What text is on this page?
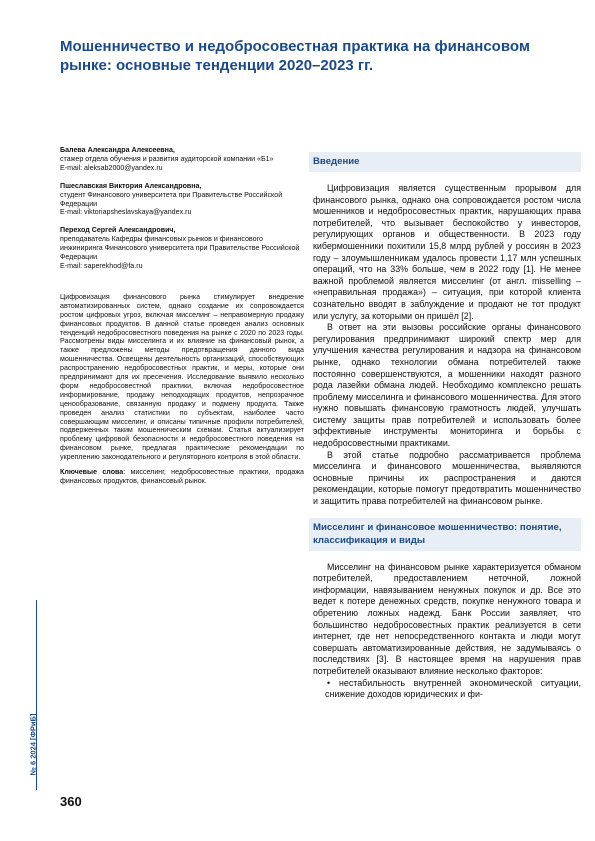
Мошенничество и недобросовестная практика на финансовом рынке: основные тенденции 2020–2023 гг.
Балева Александра Алексеевна,
стажер отдела обучения и развития аудиторской компании «Б1»
E-mail: aleksab2000@yandex.ru
Пшеславская Виктория Александровна,
студент Финансового университета при Правительстве Российской Федерации
E-mail: viktoriapsheslavskaya@yandex.ru
Переход Сергей Александрович,
преподаватель Кафедры финансовых рынков и финансового инжиниринга Финансового университета при Правительстве Российской Федерации
E-mail: saperekhod@fa.ru

Цифровизация финансового рынка стимулирует внедрение автоматизированных систем, однако создание их сопровождается ростом цифровых угроз, включая мисселинг – неправомерную продажу финансовых продуктов. В данной статье проведен анализ основных тенденций недобросовестного поведения на рынке с 2020 по 2023 годы. Рассмотрены виды мисселинга и их влияние на финансовый рынок, а также предложены методы предотвращения данного вида мошенничества. Освещены деятельность организаций, способствующих распространению недобросовестных практик, и меры, которые они предпринимают для их пресечения. Исследование выявило несколько форм недобросовестной практики, включая недобросовестное информирование, продажу неподходящих продуктов, непрозрачное ценообразование, связанную продажу и подмену продукта. Также проведен анализ статистики по субъектам, наиболее часто совершающим мисселинг, и описаны типичные профили потребителей, подверженных таким мошенническим схемам. Статья актуализирует проблему цифровой безопасности и недобросовестного поведения на финансовом рынке, предлагая практические рекомендации по укреплению законодательного и регуляторного контроля в этой области.

Ключевые слова: мисселинг, недобросовестные практики, продажа финансовых продуктов, финансовый рынок.

Введение

Цифровизация является существенным прорывом для финансового рынка, однако она сопровождается ростом числа мошенников и недобросовестных практик, нарушающих права потребителей, что вызывает беспокойство у инвесторов, регулирующих органов и общественности. В 2023 году кибермошенники похитили 15,8 млрд рублей у россиян в 2023 году – злоумышленникам удалось провести 1,17 млн успешных операций, что на 33% больше, чем в 2022 году [1]. Не менее важной проблемой является мисселинг (от англ. misselling – «неправильная продажа») – ситуация, при которой клиента сознательно вводят в заблуждение и продают не тот продукт или услугу, за которыми он пришёл [2].

В ответ на эти вызовы российские органы финансового регулирования предпринимают широкий спектр мер для улучшения качества регулирования и надзора на финансовом рынке, однако технологии обмана потребителей также постоянно совершенствуются, а мошенники находят разного рода лазейки обмана людей. Необходимо комплексно решать проблему мисселинга и финансового мошенничества. Для этого нужно повышать финансовую грамотность людей, улучшать систему защиты прав потребителей и использовать более эффективные инструменты мониторинга и борьбы с недобросовестными практиками.

В этой статье подробно рассматривается проблема мисселинга и финансового мошенничества, выявляются основные причины их распространения и даются рекомендации, которые помогут предотвратить мошенничество и защитить права потребителей на финансовом рынке.

Мисселинг и финансовое мошенничество: понятие, классификация и виды

Мисселинг на финансовом рынке характеризуется обманом потребителей, предоставлением неточной, ложной информации, навязыванием ненужных покупок и др. Все это ведет к потере денежных средств, покупке ненужного товара и обретению ложных надежд. Банк России заявляет, что большинство недобросовестных практик реализуется в сети интернет, где нет непосредственного контакта и люди могут совершать автоматизированные действия, не задумываясь о последствиях [3]. В настоящее время на нарушения прав потребителей оказывают влияние несколько факторов:

• нестабильность внутренней экономической ситуации, снижение доходов юридических и фи-

№ 6 2024 [ФРиБ]
360
